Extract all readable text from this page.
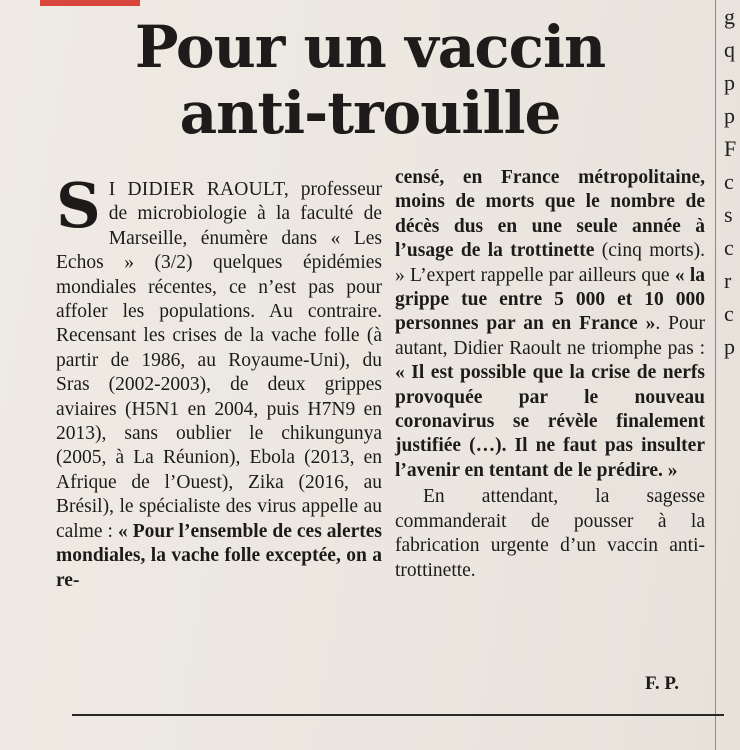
g
q
p
p
F
c
s
c
r
c
p
Pour un vaccin
anti-trouille
S I DIDIER RAOULT, professeur de microbiologie à la faculté de Marseille, énumère dans « Les Echos » (3/2) quelques épidémies mondiales récentes, ce n’est pas pour affoler les populations. Au contraire. Recensant les crises de la vache folle (à partir de 1986, au Royaume-Uni), du Sras (2002-2003), de deux grippes aviaires (H5N1 en 2004, puis H7N9 en 2013), sans oublier le chikungunya (2005, à La Réunion), Ebola (2013, en Afrique de l’Ouest), Zika (2016, au Brésil), le spécialiste des virus appelle au calme : « Pour l’ensemble de ces alertes mondiales, la vache folle exceptée, on a re-
censé, en France métropolitaine, moins de morts que le nombre de décès dus en une seule année à l’usage de la trottinette (cinq morts). » L’expert rappelle par ailleurs que « la grippe tue entre 5 000 et 10 000 personnes par an en France ». Pour autant, Didier Raoult ne triomphe pas : « Il est possible que la crise de nerfs provoquée par le nouveau coronavirus se révèle finalement justifiée (…). Il ne faut pas insulter l’avenir en tentant de le prédire. »
En attendant, la sagesse commanderait de pousser à la fabrication urgente d’un vaccin anti-trottinette.
F. P.
